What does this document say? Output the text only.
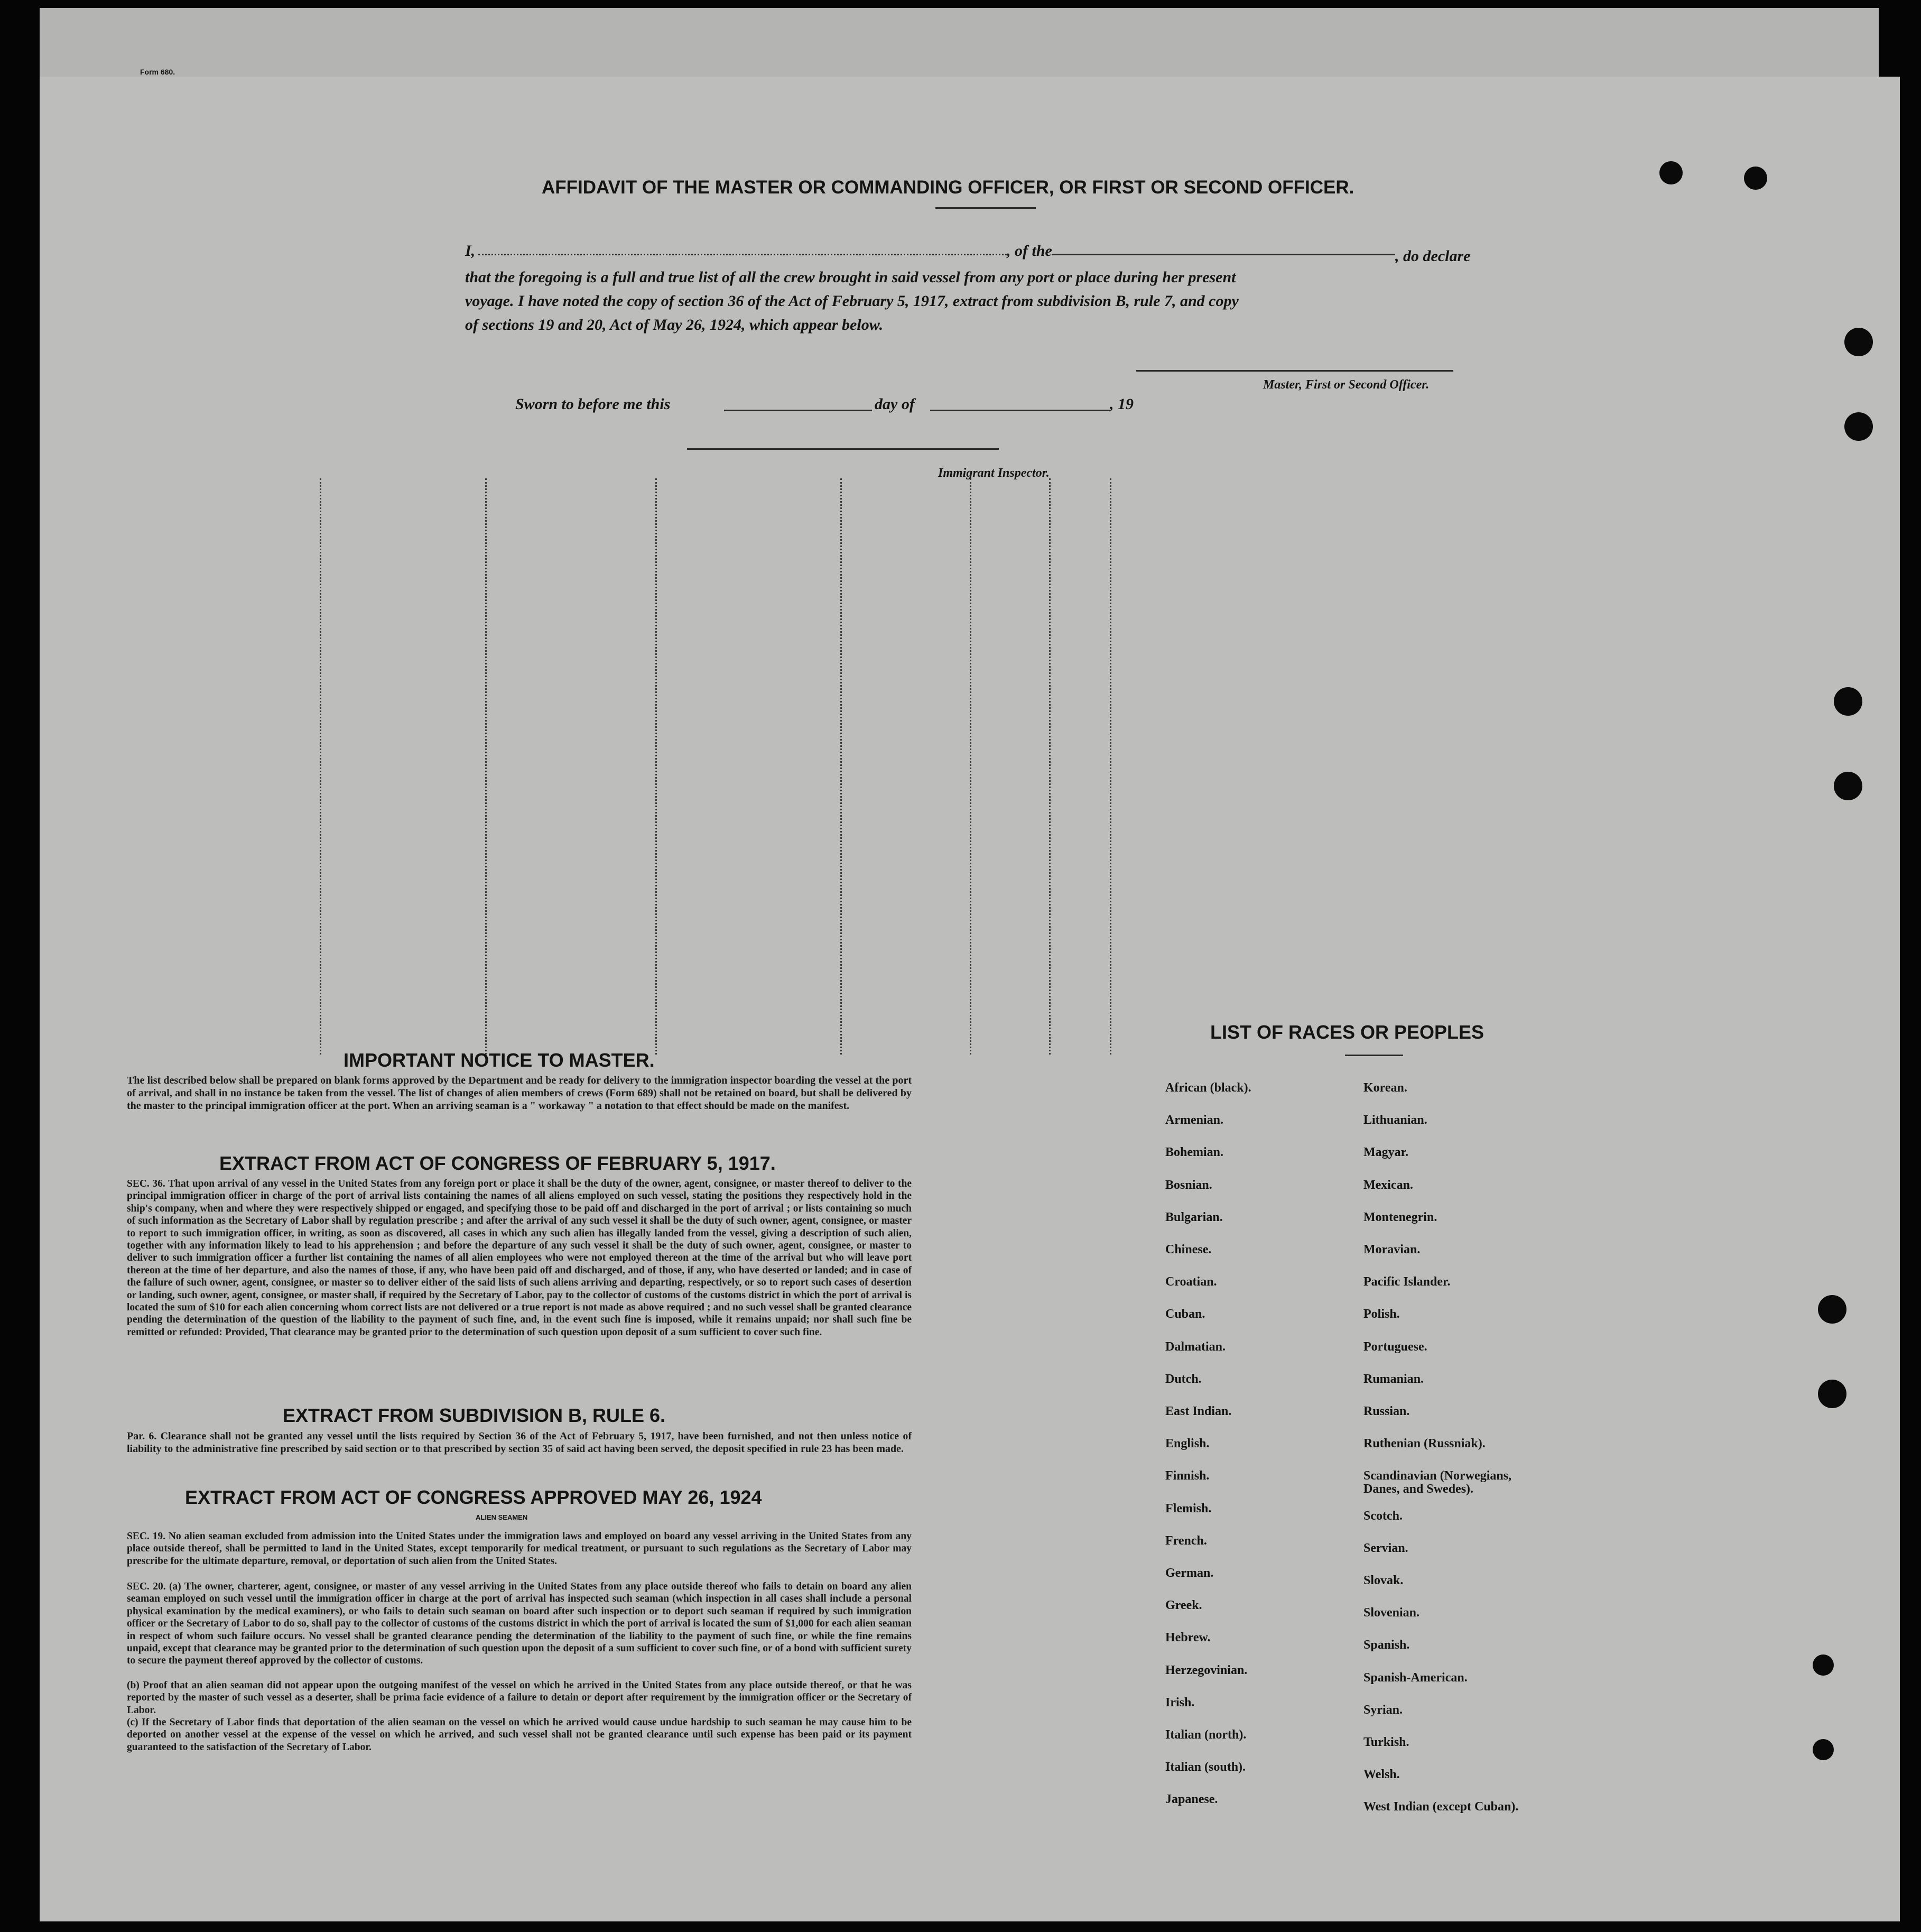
Form 680.
AFFIDAVIT OF THE MASTER OR COMMANDING OFFICER, OR FIRST OR SECOND OFFICER.
I,	, of the	, do declare
that the foregoing is a full and true list of all the crew brought in said vessel from any port or place during her present
voyage. I have noted the copy of section 36 of the Act of February 5, 1917, extract from subdivision B, rule 7, and copy
of sections 19 and 20, Act of May 26, 1924, which appear below.
Master, First or Second Officer.
Sworn to before me this	day of	, 19
Immigrant Inspector.
IMPORTANT NOTICE TO MASTER.
The list described below shall be prepared on blank forms approved by the Department and be ready for delivery to the immigration inspector boarding the vessel at the port of arrival, and shall in no instance be taken from the vessel. The list of changes of alien members of crews (Form 689) shall not be retained on board, but shall be delivered by the master to the principal immigration officer at the port. When an arriving seaman is a " workaway " a notation to that effect should be made on the manifest.
EXTRACT FROM ACT OF CONGRESS OF FEBRUARY 5, 1917.
SEC. 36. That upon arrival of any vessel in the United States from any foreign port or place it shall be the duty of the owner, agent, consignee, or master thereof to deliver to the principal immigration officer in charge of the port of arrival lists containing the names of all aliens employed on such vessel, stating the positions they respectively hold in the ship's company, when and where they were respectively shipped or engaged, and specifying those to be paid off and discharged in the port of arrival ; or lists containing so much of such information as the Secretary of Labor shall by regulation prescribe ; and after the arrival of any such vessel it shall be the duty of such owner, agent, consignee, or master to report to such immigration officer, in writing, as soon as discovered, all cases in which any such alien has illegally landed from the vessel, giving a description of such alien, together with any information likely to lead to his apprehension ; and before the departure of any such vessel it shall be the duty of such owner, agent, consignee, or master to deliver to such immigration officer a further list containing the names of all alien employees who were not employed thereon at the time of the arrival but who will leave port thereon at the time of her departure, and also the names of those, if any, who have been paid off and discharged, and of those, if any, who have deserted or landed; and in case of the failure of such owner, agent, consignee, or master so to deliver either of the said lists of such aliens arriving and departing, respectively, or so to report such cases of desertion or landing, such owner, agent, consignee, or master shall, if required by the Secretary of Labor, pay to the collector of customs of the customs district in which the port of arrival is located the sum of $10 for each alien concerning whom correct lists are not delivered or a true report is not made as above required ; and no such vessel shall be granted clearance pending the determination of the question of the liability to the payment of such fine, and, in the event such fine is imposed, while it remains unpaid; nor shall such fine be remitted or refunded: Provided, That clearance may be granted prior to the determination of such question upon deposit of a sum sufficient to cover such fine.
EXTRACT FROM SUBDIVISION B, RULE 6.
Par. 6. Clearance shall not be granted any vessel until the lists required by Section 36 of the Act of February 5, 1917, have been furnished, and not then unless notice of liability to the administrative fine prescribed by said section or to that prescribed by section 35 of said act having been served, the deposit specified in rule 23 has been made.
EXTRACT FROM ACT OF CONGRESS APPROVED MAY 26, 1924
ALIEN SEAMEN
SEC. 19. No alien seaman excluded from admission into the United States under the immigration laws and employed on board any vessel arriving in the United States from any place outside thereof, shall be permitted to land in the United States, except temporarily for medical treatment, or pursuant to such regulations as the Secretary of Labor may prescribe for the ultimate departure, removal, or deportation of such alien from the United States.
SEC. 20. (a) The owner, charterer, agent, consignee, or master of any vessel arriving in the United States from any place outside thereof who fails to detain on board any alien seaman employed on such vessel until the immigration officer in charge at the port of arrival has inspected such seaman (which inspection in all cases shall include a personal physical examination by the medical examiners), or who fails to detain such seaman on board after such inspection or to deport such seaman if required by such immigration officer or the Secretary of Labor to do so, shall pay to the collector of customs of the customs district in which the port of arrival is located the sum of $1,000 for each alien seaman in respect of whom such failure occurs. No vessel shall be granted clearance pending the determination of the liability to the payment of such fine, or while the fine remains unpaid, except that clearance may be granted prior to the determination of such question upon the deposit of a sum sufficient to cover such fine, or of a bond with sufficient surety to secure the payment thereof approved by the collector of customs.
(b) Proof that an alien seaman did not appear upon the outgoing manifest of the vessel on which he arrived in the United States from any place outside thereof, or that he was reported by the master of such vessel as a deserter, shall be prima facie evidence of a failure to detain or deport after requirement by the immigration officer or the Secretary of Labor.
(c) If the Secretary of Labor finds that deportation of the alien seaman on the vessel on which he arrived would cause undue hardship to such seaman he may cause him to be deported on another vessel at the expense of the vessel on which he arrived, and such vessel shall not be granted clearance until such expense has been paid or its payment guaranteed to the satisfaction of the Secretary of Labor.
LIST OF RACES OR PEOPLES
African (black).
Armenian.
Bohemian.
Bosnian.
Bulgarian.
Chinese.
Croatian.
Cuban.
Dalmatian.
Dutch.
East Indian.
English.
Finnish.
Flemish.
French.
German.
Greek.
Hebrew.
Herzegovinian.
Irish.
Italian (north).
Italian (south).
Japanese.
Korean.
Lithuanian.
Magyar.
Mexican.
Montenegrin.
Moravian.
Pacific Islander.
Polish.
Portuguese.
Rumanian.
Russian.
Ruthenian (Russniak).
Scandinavian (Norwegians,
Scotch.
Servian.
Slovak.
Slovenian.
Spanish.
Spanish-American.
Syrian.
Turkish.
Welsh.
West Indian (except Cuban).
Danes, and Swedes).
